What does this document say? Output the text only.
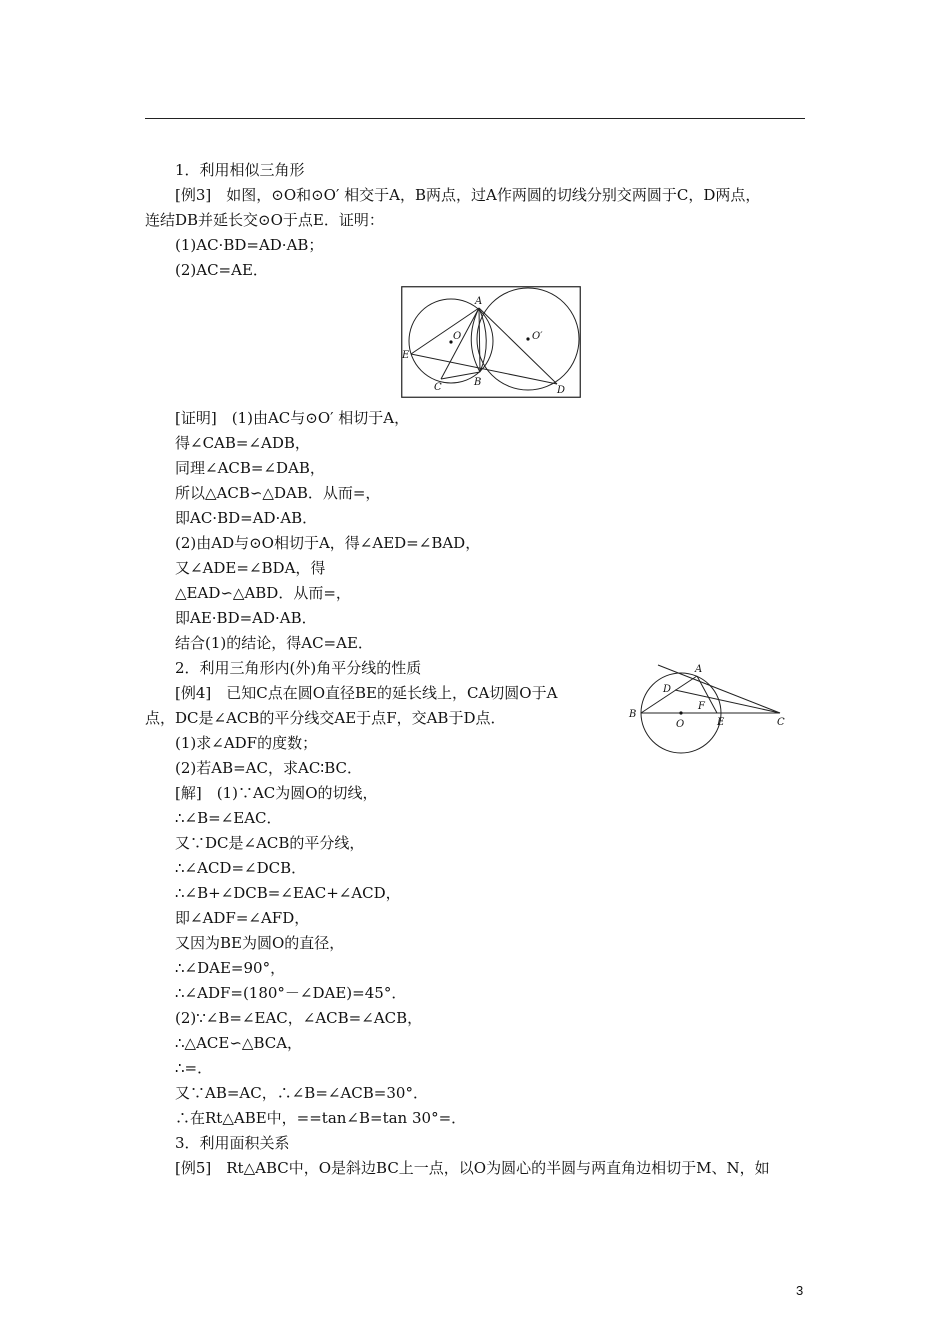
1．利用相似三角形
[例3]　如图，⊙O和⊙O′ 相交于A，B两点，过A作两圆的切线分别交两圆于C，D两点，
连结DB并延长交⊙O于点E．证明：
(1)AC·BD=AD·AB；
(2)AC=AE．
[证明]　(1)由AC与⊙O′ 相切于A，
得∠CAB=∠ADB，
同理∠ACB=∠DAB，
所以△ACB∽△DAB．从而=，
即AC·BD=AD·AB．
(2)由AD与⊙O相切于A，得∠AED=∠BAD，
又∠ADE=∠BDA，得
△EAD∽△ABD．从而=，
即AE·BD=AD·AB．
结合(1)的结论，得AC=AE．
2．利用三角形内(外)角平分线的性质
[例4]　已知C点在圆O直径BE的延长线上，CA切圆O于A
点，DC是∠ACB的平分线交AE于点F，交AB于D点．
(1)求∠ADF的度数；
(2)若AB=AC，求AC∶BC．
[解]　(1)∵AC为圆O的切线，
∴∠B=∠EAC．
又∵DC是∠ACB的平分线，
∴∠ACD=∠DCB．
∴∠B+∠DCB=∠EAC+∠ACD，
即∠ADF=∠AFD，
又因为BE为圆O的直径，
∴∠DAE=90°，
∴∠ADF=(180°－∠DAE)=45°．
(2)∵∠B=∠EAC，∠ACB=∠ACB，
∴△ACE∽△BCA，
∴=．
又∵AB=AC，∴∠B=∠ACB=30°．
∴在Rt△ABE中，==tan∠B=tan 30°=．
3．利用面积关系
[例5]　Rt△ABC中，O是斜边BC上一点，以O为圆心的半圆与两直角边相切于M、N，如
A
O	O′
E
C	B
D
A
D
F
B
O	E	C
3
